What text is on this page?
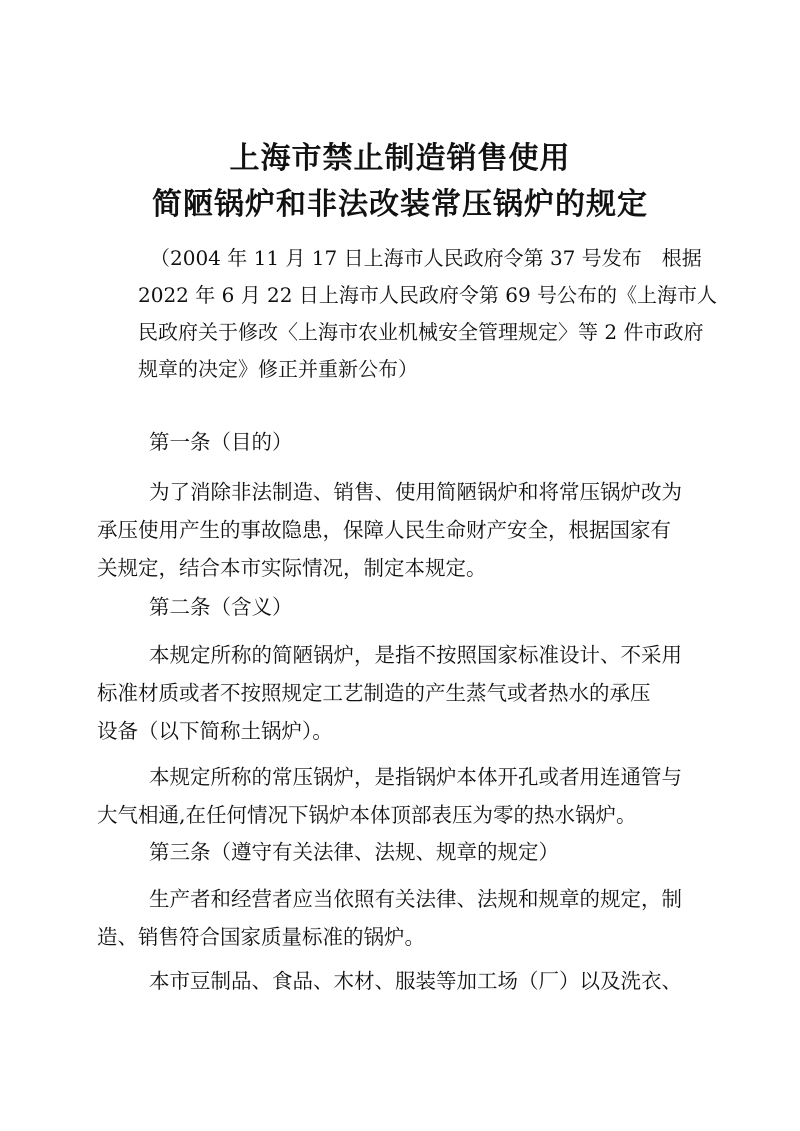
上海市禁止制造销售使用
简陋锅炉和非法改装常压锅炉的规定
（2004 年 11 月 17 日上海市人民政府令第 37 号发布 根据
2022 年 6 月 22 日上海市人民政府令第 69 号公布的《上海市人
民政府关于修改〈上海市农业机械安全管理规定〉等 2 件市政府
规章的决定》修正并重新公布）
第一条（目的）
为了消除非法制造、销售、使用简陋锅炉和将常压锅炉改为
承压使用产生的事故隐患，保障人民生命财产安全，根据国家有
关规定，结合本市实际情况，制定本规定。
第二条（含义）
本规定所称的简陋锅炉，是指不按照国家标准设计、不采用
标准材质或者不按照规定工艺制造的产生蒸气或者热水的承压
设备（以下简称土锅炉）。
本规定所称的常压锅炉，是指锅炉本体开孔或者用连通管与
大气相通,在任何情况下锅炉本体顶部表压为零的热水锅炉。
第三条（遵守有关法律、法规、规章的规定）
生产者和经营者应当依照有关法律、法规和规章的规定，制
造、销售符合国家质量标准的锅炉。
本市豆制品、食品、木材、服装等加工场（厂）以及洗衣、
